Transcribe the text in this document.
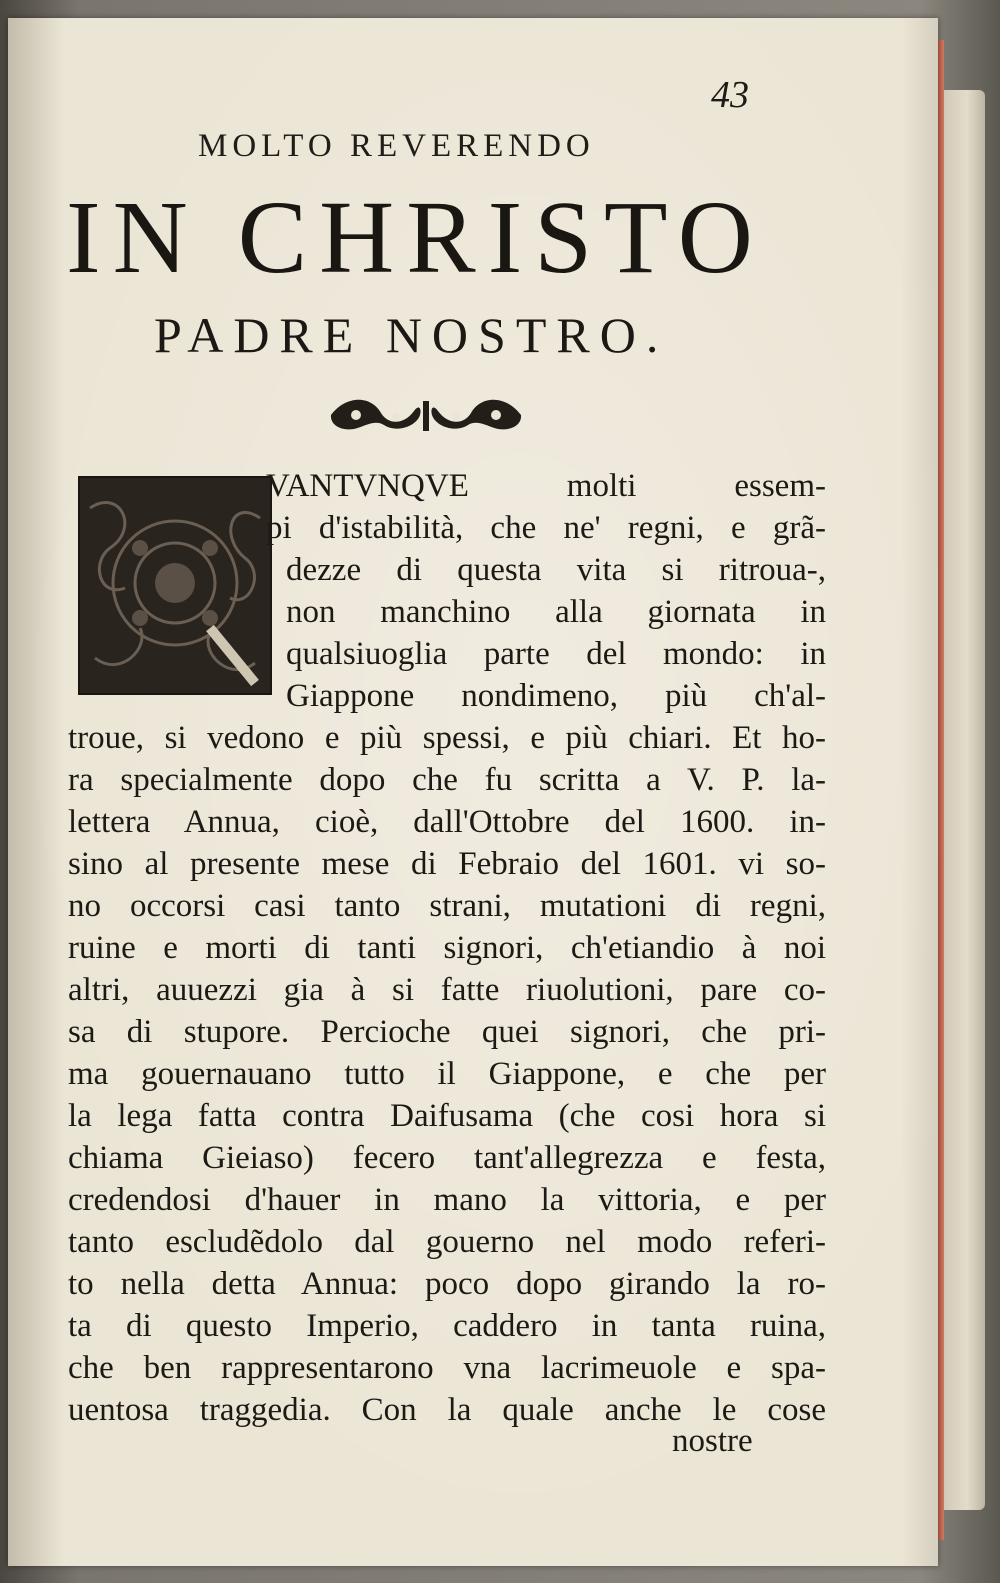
43
MOLTO REVERENDO
IN CHRISTO
PADRE NOSTRO.
VANTVNQVE molti essem-
pi d'istabilità, che ne' regni, e grã-
dezze di questa vita si ritroua-,
non manchino alla giornata in
qualsiuoglia parte del mondo: in
Giappone nondimeno, più ch'al-
troue, si vedono e più spessi, e più chiari. Et ho-
ra specialmente dopo che fu scritta a V. P. la-
lettera Annua, cioè, dall'Ottobre del 1600. in-
sino al presente mese di Febraio del 1601. vi so-
no occorsi casi tanto strani, mutationi di regni,
ruine e morti di tanti signori, ch'etiandio à noi
altri, auuezzi gia à si fatte riuolutioni, pare co-
sa di stupore. Percioche quei signori, che pri-
ma gouernauano tutto il Giappone, e che per
la lega fatta contra Daifusama (che cosi hora si
chiama Gieiaso) fecero tant'allegrezza e festa,
credendosi d'hauer in mano la vittoria, e per
tanto escludẽdolo dal gouerno nel modo referi-
to nella detta Annua: poco dopo girando la ro-
ta di questo Imperio, caddero in tanta ruina,
che ben rappresentarono vna lacrimeuole e spa-
uentosa traggedia. Con la quale anche le cose
nostre
